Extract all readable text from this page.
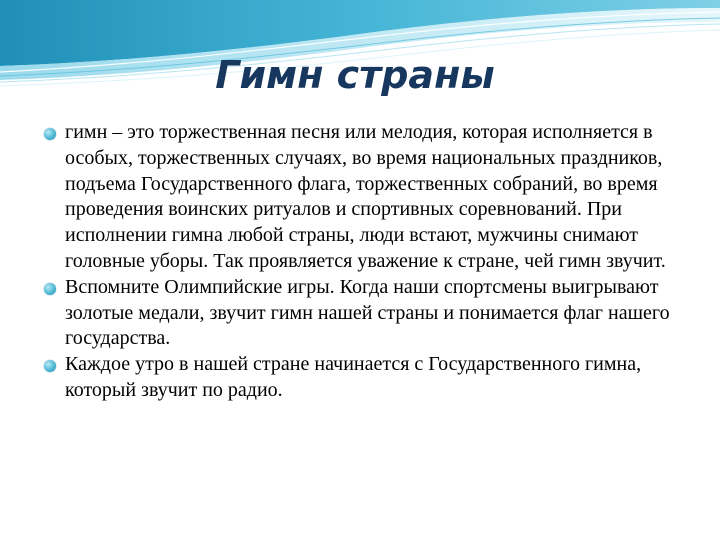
Гимн страны
гимн – это торжественная песня или мелодия, которая исполняется в особых, торжественных случаях, во время национальных праздников, подъема Государственного флага, торжественных собраний, во время проведения воинских ритуалов и спортивных соревнований. При исполнении гимна любой страны, люди встают, мужчины снимают головные уборы. Так проявляется уважение к стране, чей гимн звучит.
Вспомните Олимпийские игры. Когда наши спортсмены выигрывают золотые медали, звучит гимн нашей страны и понимается флаг нашего государства.
Каждое утро в нашей стране начинается с Государственного гимна, который звучит по радио.
